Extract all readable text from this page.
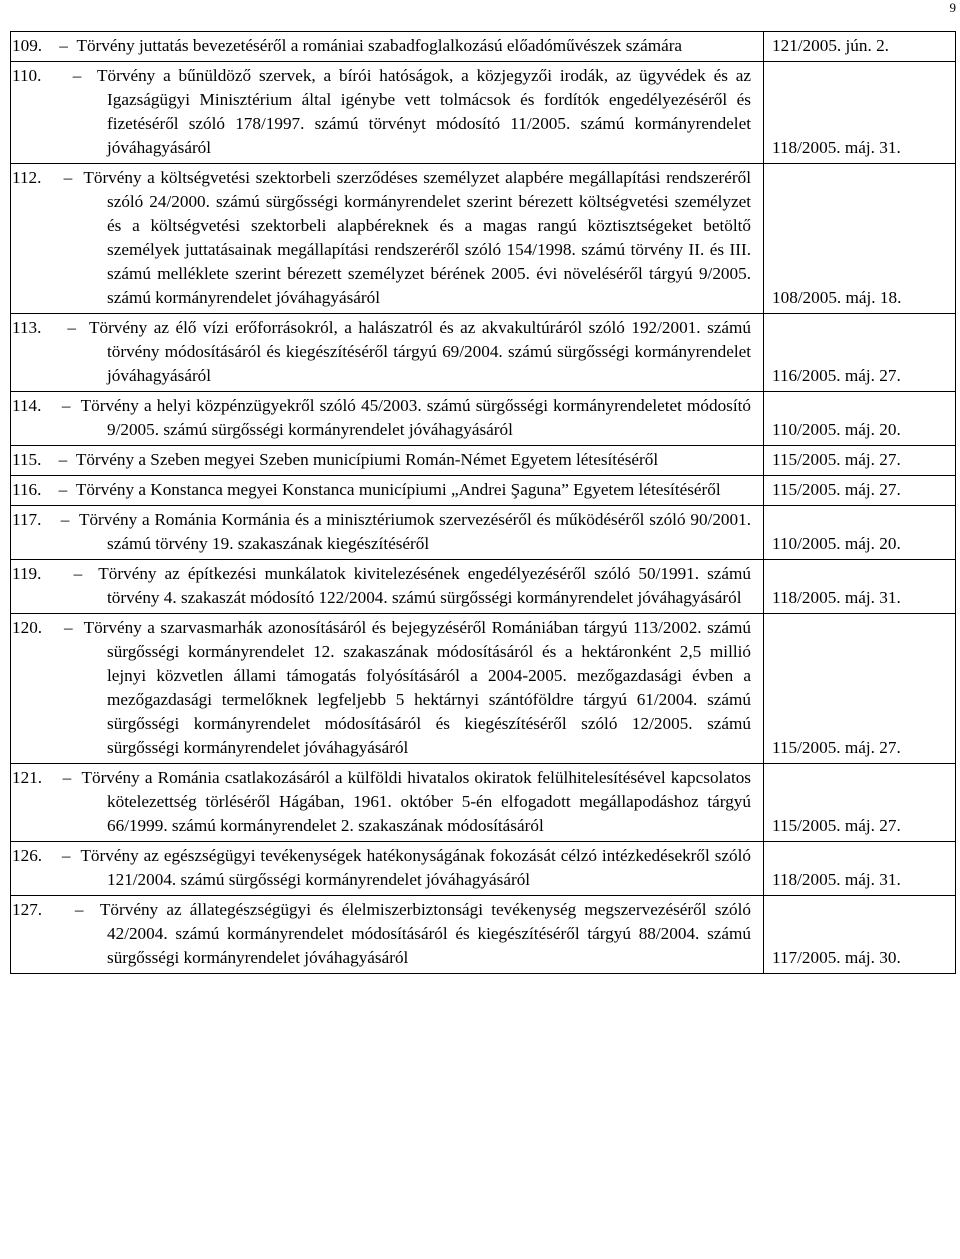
9

109.    –  Törvény juttatás bevezetéséről a romániai szabadfoglalkozású előadóművészek számára	121/2005. jún. 2.

110.    –  Törvény a bűnüldöző szervek, a bírói hatóságok, a közjegyzői irodák, az ügyvédek és az Igazságügyi Minisztérium által igénybe vett tolmácsok és fordítók engedélyezéséről és fizetéséről szóló 178/1997. számú törvényt módosító 11/2005. számú kormányrendelet jóváhagyásáról	118/2005. máj. 31.

112.    –  Törvény a költségvetési szektorbeli szerződéses személyzet alapbére megállapítási rendszeréről szóló 24/2000. számú sürgősségi kormányrendelet szerint bérezett költségvetési személyzet és a költségvetési szektorbeli alapbéreknek és a magas rangú köztisztségeket betöltő személyek juttatásainak megállapítási rendszeréről szóló 154/1998. számú törvény II. és III. számú melléklete szerint bérezett személyzet bérének 2005. évi növeléséről tárgyú 9/2005. számú kormányrendelet jóváhagyásáról	108/2005. máj. 18.

113.    –  Törvény az élő vízi erőforrásokról, a halászatról és az akvakultúráról szóló 192/2001. számú törvény módosításáról és kiegészítéséről tárgyú 69/2004. számú sürgősségi kormányrendelet jóváhagyásáról	116/2005. máj. 27.

114.    –  Törvény a helyi közpénzügyekről szóló 45/2003. számú sürgősségi kormányrendeletet módosító 9/2005. számú sürgősségi kormányrendelet jóváhagyásáról	110/2005. máj. 20.

115.    –  Törvény a Szeben megyei Szeben municípiumi Román-Német Egyetem létesítéséről	115/2005. máj. 27.

116.    –  Törvény a Konstanca megyei Konstanca municípiumi „Andrei Şaguna” Egyetem létesítéséről	115/2005. máj. 27.

117.    –  Törvény a Románia Kormánia és a minisztériumok szervezéséről és működéséről szóló 90/2001. számú törvény 19. szakaszának kiegészítéséről	110/2005. máj. 20.

119.    –  Törvény az építkezési munkálatok kivitelezésének engedélyezéséről szóló 50/1991. számú törvény 4. szakaszát módosító 122/2004. számú sürgősségi kormányrendelet jóváhagyásáról	118/2005. máj. 31.

120.    –  Törvény a szarvasmarhák azonosításáról és bejegyzéséről Romániában tárgyú 113/2002. számú sürgősségi kormányrendelet 12. szakaszának módosításáról és a hektáronként 2,5 millió lejnyi közvetlen állami támogatás folyósításáról a 2004-2005. mezőgazdasági évben a mezőgazdasági termelőknek legfeljebb 5 hektárnyi szántóföldre tárgyú 61/2004. számú sürgősségi kormányrendelet módosításáról és kiegészítéséről szóló 12/2005. számú sürgősségi kormányrendelet jóváhagyásáról	115/2005. máj. 27.

121.    –  Törvény a Románia csatlakozásáról a külföldi hivatalos okiratok felülhitelesítésével kapcsolatos kötelezettség törléséről Hágában, 1961. október 5-én elfogadott megállapodáshoz tárgyú 66/1999. számú kormányrendelet 2. szakaszának módosításáról	115/2005. máj. 27.

126.    –  Törvény az egészségügyi tevékenységek hatékonyságának fokozását célzó intézkedésekről szóló 121/2004. számú sürgősségi kormányrendelet jóváhagyásáról	118/2005. máj. 31.

127.    –  Törvény az állategészségügyi és élelmiszerbiztonsági tevékenység megszervezéséről szóló 42/2004. számú kormányrendelet módosításáról és kiegészítéséről tárgyú 88/2004. számú sürgősségi kormányrendelet jóváhagyásáról	117/2005. máj. 30.
